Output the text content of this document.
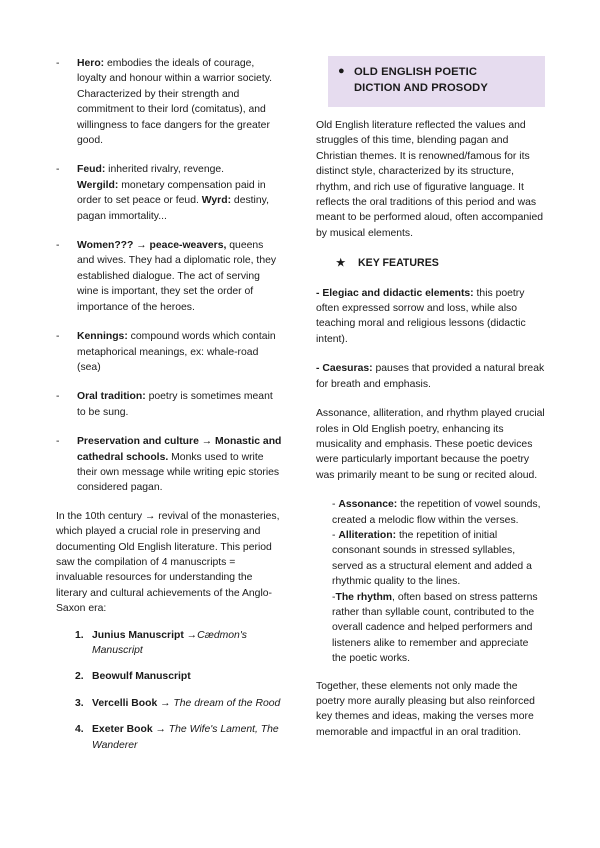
- Hero: embodies the ideals of courage, loyalty and honour within a warrior society. Characterized by their strength and commitment to their lord (comitatus), and willingness to face dangers for the greater good.
- Feud: inherited rivalry, revenge.
Wergild: monetary compensation paid in order to set peace or feud. Wyrd: destiny, pagan immortality...
- Women??? → peace-weavers, queens and wives. They had a diplomatic role, they established dialogue. The act of serving wine is important, they set the order of importance of the heroes.
- Kennings: compound words which contain metaphorical meanings, ex: whale-road (sea)
- Oral tradition: poetry is sometimes meant to be sung.
- Preservation and culture → Monastic and cathedral schools. Monks used to write their own message while writing epic stories considered pagan.

In the 10th century → revival of the monasteries, which played a crucial role in preserving and documenting Old English literature. This period saw the compilation of 4 manuscripts = invaluable resources for understanding the literary and cultural achievements of the Anglo-Saxon era:

1. Junius Manuscript →Cædmon's Manuscript
2. Beowulf Manuscript
3. Vercelli Book → The dream of the Rood
4. Exeter Book → The Wife's Lament, The Wanderer
● OLD ENGLISH POETIC
DICTION AND PROSODY

Old English literature reflected the values and struggles of this time, blending pagan and Christian themes. It is renowned/famous for its distinct style, characterized by its structure, rhythm, and rich use of figurative language. It reflects the oral traditions of this period and was meant to be performed aloud, often accompanied by musical elements.

★ KEY FEATURES

- Elegiac and didactic elements: this poetry often expressed sorrow and loss, while also teaching moral and religious lessons (didactic intent).

- Caesuras: pauses that provided a natural break for breath and emphasis.

Assonance, alliteration, and rhythm played crucial roles in Old English poetry, enhancing its musicality and emphasis. These poetic devices were particularly important because the poetry was primarily meant to be sung or recited aloud.

- Assonance: the repetition of vowel sounds, created a melodic flow within the verses.

- Alliteration: the repetition of initial consonant sounds in stressed syllables, served as a structural element and added a rhythmic quality to the lines.

-The rhythm, often based on stress patterns rather than syllable count, contributed to the overall cadence and helped performers and listeners alike to remember and appreciate the poetic works.

Together, these elements not only made the poetry more aurally pleasing but also reinforced key themes and ideas, making the verses more memorable and impactful in an oral tradition.
